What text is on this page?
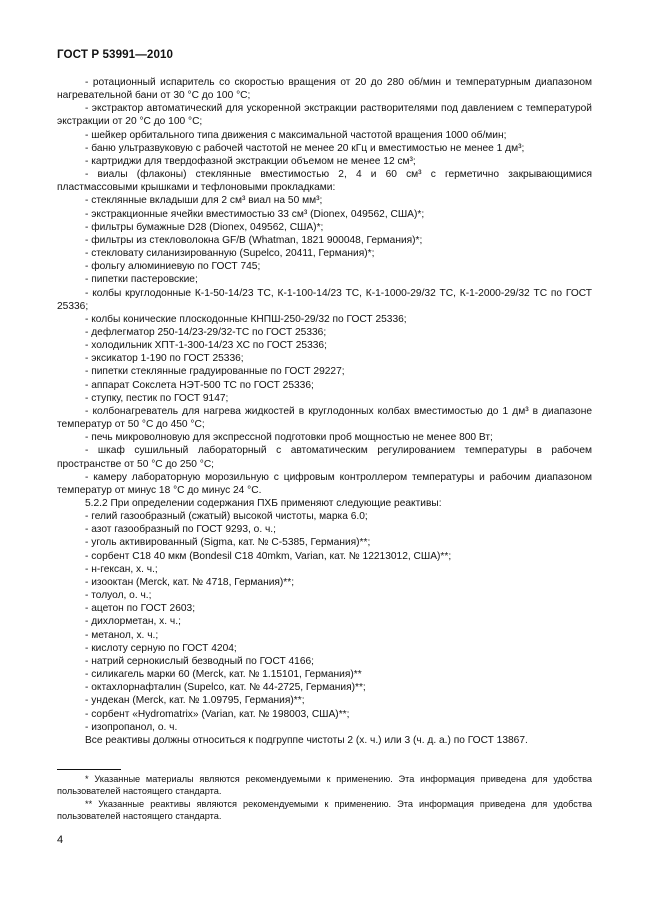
ГОСТ Р 53991—2010

- ротационный испаритель со скоростью вращения от 20 до 280 об/мин и температурным диапазоном нагревательной бани от 30 °С до 100 °С;

- экстрактор автоматический для ускоренной экстракции растворителями под давлением с температурой экстракции от 20 °С до 100 °С;

- шейкер орбитального типа движения с максимальной частотой вращения 1000 об/мин;

- баню ультразвуковую с рабочей частотой не менее 20 кГц и вместимостью не менее 1 дм³;

- картриджи для твердофазной экстракции объемом не менее 12 см³;

- виалы (флаконы) стеклянные вместимостью 2, 4 и 60 см³ с герметично закрывающимися пластмассовыми крышками и тефлоновыми прокладками:

- стеклянные вкладыши для 2 см³ виал на 50 мм³;

- экстракционные ячейки вместимостью 33 см³ (Dionex, 049562, США)*;

- фильтры бумажные D28 (Dionex, 049562, США)*;

- фильтры из стекловолокна GF/B (Whatman, 1821 900048, Германия)*;

- стекловату силанизированную (Supelco, 20411, Германия)*;

- фольгу алюминиевую по ГОСТ 745;

- пипетки пастеровские;

- колбы круглодонные К-1-50-14/23 ТС, К-1-100-14/23 ТС, К-1-1000-29/32 ТС, К-1-2000-29/32 ТС по ГОСТ 25336;

- колбы конические плоскодонные КНПШ-250-29/32 по ГОСТ 25336;

- дефлегматор 250-14/23-29/32-ТС по ГОСТ 25336;

- холодильник ХПТ-1-300-14/23 ХС по ГОСТ 25336;

- эксикатор 1-190 по ГОСТ 25336;

- пипетки стеклянные градуированные по ГОСТ 29227;

- аппарат Сокслета НЭТ-500 ТС по ГОСТ 25336;

- ступку, пестик по ГОСТ 9147;

- колбонагреватель для нагрева жидкостей в круглодонных колбах вместимостью до 1 дм³ в диапазоне температур от 50 °С до 450 °С;

- печь микроволновую для экспрессной подготовки проб мощностью не менее 800 Вт;

- шкаф сушильный лабораторный с автоматическим регулированием температуры в рабочем пространстве от 50 °С до 250 °С;

- камеру лабораторную морозильную с цифровым контроллером температуры и рабочим диапазоном температур от минус 18 °С до минус 24 °С.

5.2.2 При определении содержания ПХБ применяют следующие реактивы:

- гелий газообразный (сжатый) высокой чистоты, марка 6.0;

- азот газообразный по ГОСТ 9293, о. ч.;

- уголь активированный (Sigma, кат. № С-5385, Германия)**;

- сорбент С18 40 мкм (Bondesil C18 40mkm, Varian, кат. № 12213012, США)**;

- н-гексан, х. ч.;

- изооктан (Merck, кат. № 4718, Германия)**;

- толуол, о. ч.;

- ацетон по ГОСТ 2603;

- дихлорметан, х. ч.;

- метанол, х. ч.;

- кислоту серную по ГОСТ 4204;

- натрий сернокислый безводный по ГОСТ 4166;

- силикагель марки 60 (Merck, кат. № 1.15101, Германия)**

- октахлорнафталин (Supelco, кат. № 44-2725, Германия)**;

- ундекан (Merck, кат. № 1.09795, Германия)**;

- сорбент «Hydromatrix» (Varian, кат. № 198003, США)**;

- изопропанол, о. ч.

Все реактивы должны относиться к подгруппе чистоты 2 (х. ч.) или 3 (ч. д. а.) по ГОСТ 13867.

* Указанные материалы являются рекомендуемыми к применению. Эта информация приведена для удобства пользователей настоящего стандарта.

** Указанные реактивы являются рекомендуемыми к применению. Эта информация приведена для удобства пользователей настоящего стандарта.

4
